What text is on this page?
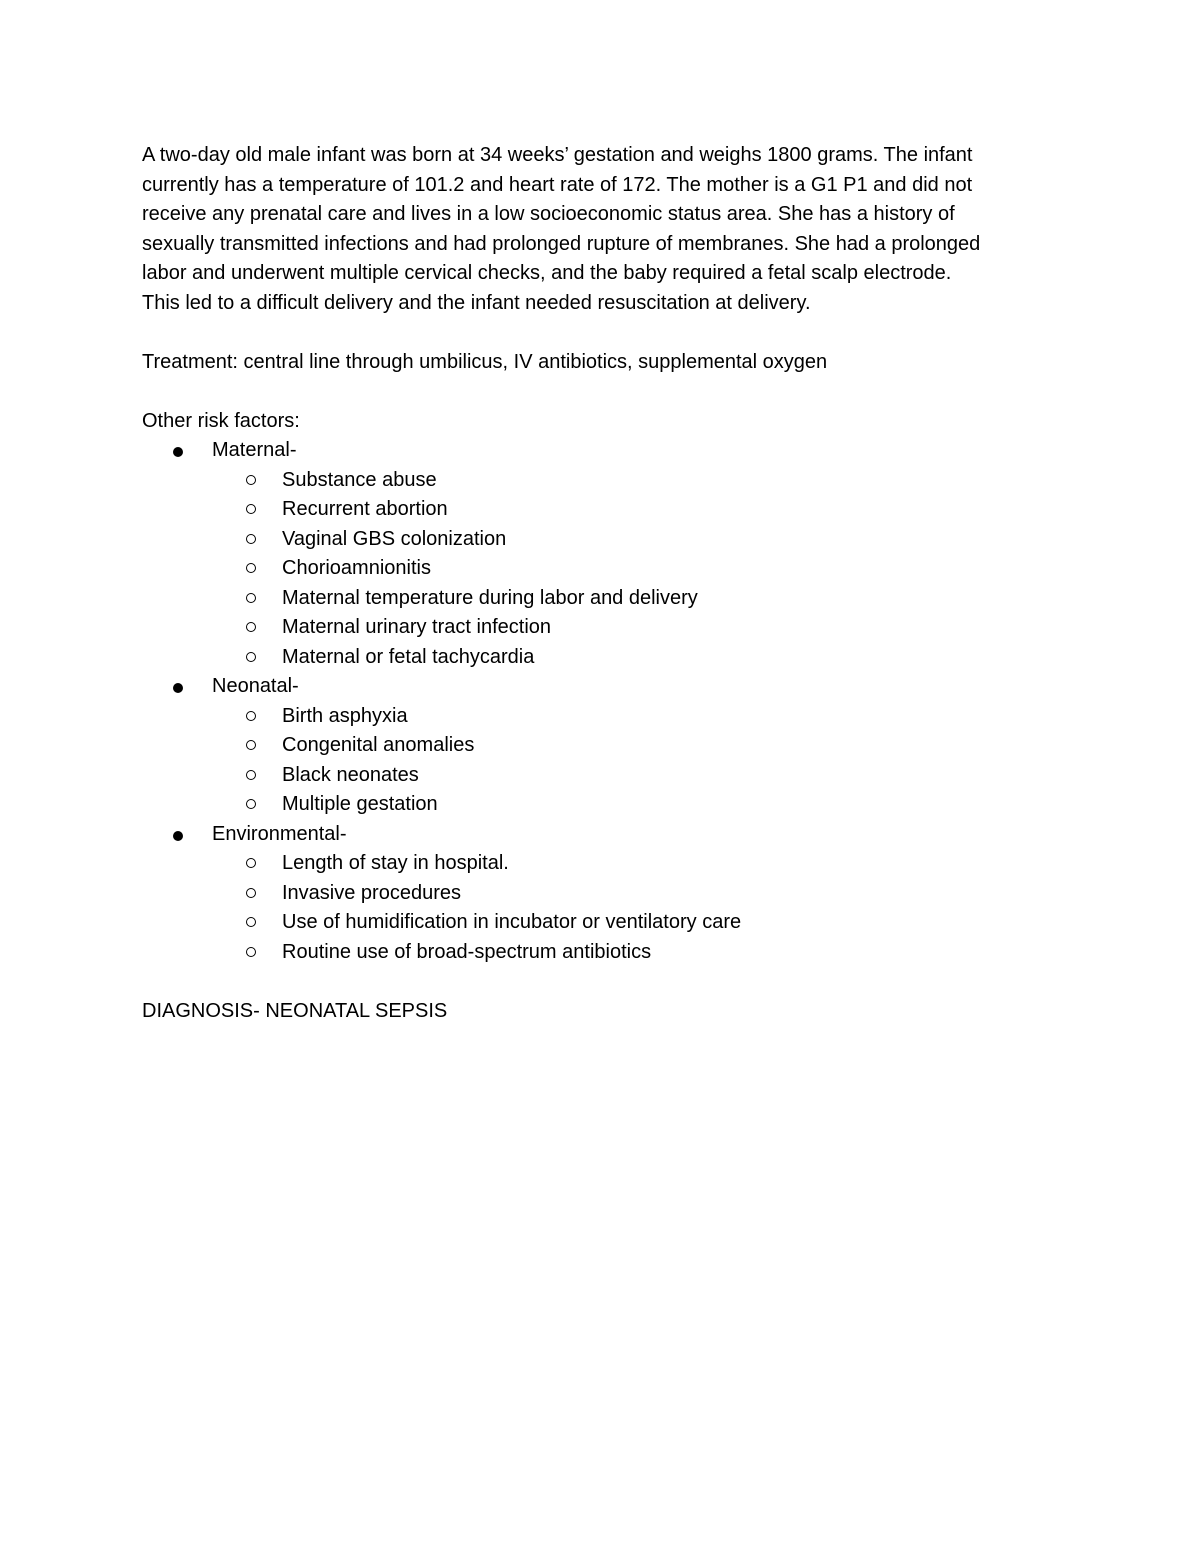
A two-day old male infant was born at 34 weeks’ gestation and weighs 1800 grams. The infant
currently has a temperature of 101.2 and heart rate of 172. The mother is a G1 P1 and did not
receive any prenatal care and lives in a low socioeconomic status area. She has a history of
sexually transmitted infections and had prolonged rupture of membranes. She had a prolonged
labor and underwent multiple cervical checks, and the baby required a fetal scalp electrode.
This led to a difficult delivery and the infant needed resuscitation at delivery.
Treatment: central line through umbilicus, IV antibiotics, supplemental oxygen
Other risk factors:
Maternal-
Substance abuse
Recurrent abortion
Vaginal GBS colonization
Chorioamnionitis
Maternal temperature during labor and delivery
Maternal urinary tract infection
Maternal or fetal tachycardia
Neonatal-
Birth asphyxia
Congenital anomalies
Black neonates
Multiple gestation
Environmental-
Length of stay in hospital.
Invasive procedures
Use of humidification in incubator or ventilatory care
Routine use of broad-spectrum antibiotics
DIAGNOSIS- NEONATAL SEPSIS
